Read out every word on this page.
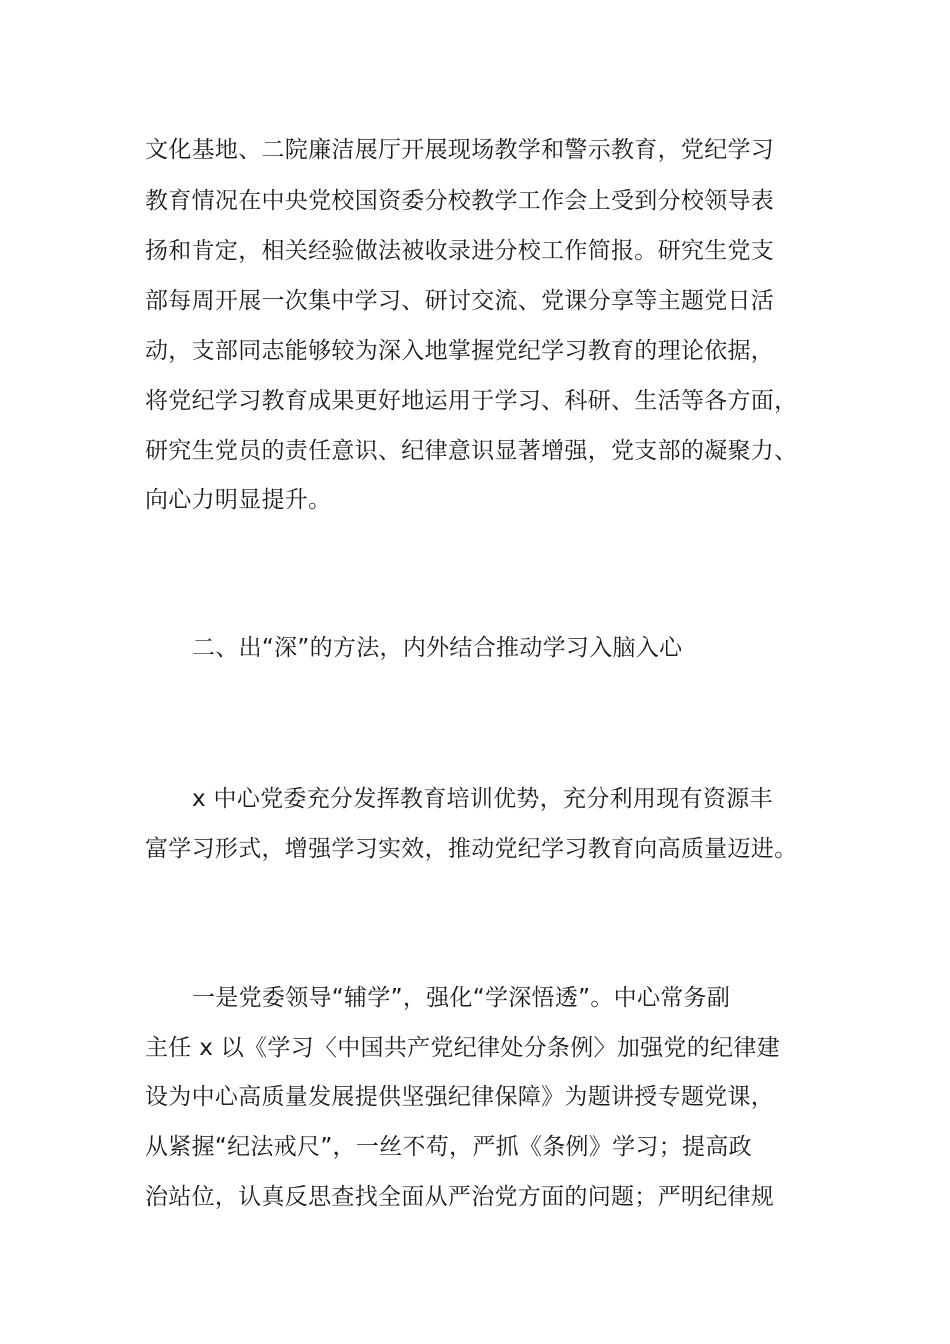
文化基地、二院廉洁展厅开展现场教学和警示教育，党纪学习
教育情况在中央党校国资委分校教学工作会上受到分校领导表
扬和肯定，相关经验做法被收录进分校工作简报。研究生党支
部每周开展一次集中学习、研讨交流、党课分享等主题党日活
动，支部同志能够较为深入地掌握党纪学习教育的理论依据，
将党纪学习教育成果更好地运用于学习、科研、生活等各方面，
研究生党员的责任意识、纪律意识显著增强，党支部的凝聚力、
向心力明显提升。
二、出“深”的方法，内外结合推动学习入脑入心
x 中心党委充分发挥教育培训优势，充分利用现有资源丰
富学习形式，增强学习实效，推动党纪学习教育向高质量迈进。
一是党委领导“辅学”，强化“学深悟透”。中心常务副
主任 x 以《学习〈中国共产党纪律处分条例〉加强党的纪律建
设为中心高质量发展提供坚强纪律保障》为题讲授专题党课，
从紧握“纪法戒尺”，一丝不苟，严抓《条例》学习；提高政
治站位，认真反思查找全面从严治党方面的问题；严明纪律规
